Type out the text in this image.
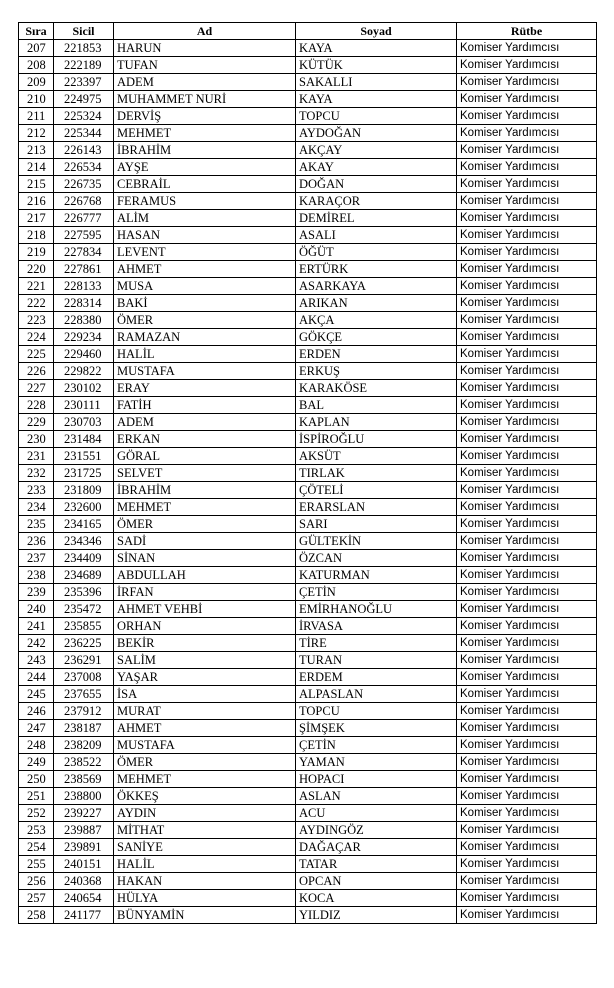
Sıra	Sicil	Ad	Soyad	Rütbe
207	221853	HARUN	KAYA	Komiser Yardımcısı
208	222189	TUFAN	KÜTÜK	Komiser Yardımcısı
209	223397	ADEM	SAKALLI	Komiser Yardımcısı
210	224975	MUHAMMET NURİ	KAYA	Komiser Yardımcısı
211	225324	DERVİŞ	TOPCU	Komiser Yardımcısı
212	225344	MEHMET	AYDOĞAN	Komiser Yardımcısı
213	226143	İBRAHİM	AKÇAY	Komiser Yardımcısı
214	226534	AYŞE	AKAY	Komiser Yardımcısı
215	226735	CEBRAİL	DOĞAN	Komiser Yardımcısı
216	226768	FERAMUS	KARAÇOR	Komiser Yardımcısı
217	226777	ALİM	DEMİREL	Komiser Yardımcısı
218	227595	HASAN	ASALI	Komiser Yardımcısı
219	227834	LEVENT	ÖĞÜT	Komiser Yardımcısı
220	227861	AHMET	ERTÜRK	Komiser Yardımcısı
221	228133	MUSA	ASARKAYA	Komiser Yardımcısı
222	228314	BAKİ	ARIKAN	Komiser Yardımcısı
223	228380	ÖMER	AKÇA	Komiser Yardımcısı
224	229234	RAMAZAN	GÖKÇE	Komiser Yardımcısı
225	229460	HALİL	ERDEN	Komiser Yardımcısı
226	229822	MUSTAFA	ERKUŞ	Komiser Yardımcısı
227	230102	ERAY	KARAKÖSE	Komiser Yardımcısı
228	230111	FATİH	BAL	Komiser Yardımcısı
229	230703	ADEM	KAPLAN	Komiser Yardımcısı
230	231484	ERKAN	İSPİROĞLU	Komiser Yardımcısı
231	231551	GÖRAL	AKSÜT	Komiser Yardımcısı
232	231725	SELVET	TIRLAK	Komiser Yardımcısı
233	231809	İBRAHİM	ÇÖTELİ	Komiser Yardımcısı
234	232600	MEHMET	ERARSLAN	Komiser Yardımcısı
235	234165	ÖMER	SARI	Komiser Yardımcısı
236	234346	SADİ	GÜLTEKİN	Komiser Yardımcısı
237	234409	SİNAN	ÖZCAN	Komiser Yardımcısı
238	234689	ABDULLAH	KATURMAN	Komiser Yardımcısı
239	235396	İRFAN	ÇETİN	Komiser Yardımcısı
240	235472	AHMET VEHBİ	EMİRHANOĞLU	Komiser Yardımcısı
241	235855	ORHAN	İRVASA	Komiser Yardımcısı
242	236225	BEKİR	TİRE	Komiser Yardımcısı
243	236291	SALİM	TURAN	Komiser Yardımcısı
244	237008	YAŞAR	ERDEM	Komiser Yardımcısı
245	237655	İSA	ALPASLAN	Komiser Yardımcısı
246	237912	MURAT	TOPCU	Komiser Yardımcısı
247	238187	AHMET	ŞİMŞEK	Komiser Yardımcısı
248	238209	MUSTAFA	ÇETİN	Komiser Yardımcısı
249	238522	ÖMER	YAMAN	Komiser Yardımcısı
250	238569	MEHMET	HOPACI	Komiser Yardımcısı
251	238800	ÖKKEŞ	ASLAN	Komiser Yardımcısı
252	239227	AYDIN	ACU	Komiser Yardımcısı
253	239887	MİTHAT	AYDINGÖZ	Komiser Yardımcısı
254	239891	SANİYE	DAĞAÇAR	Komiser Yardımcısı
255	240151	HALİL	TATAR	Komiser Yardımcısı
256	240368	HAKAN	OPCAN	Komiser Yardımcısı
257	240654	HÜLYA	KOCA	Komiser Yardımcısı
258	241177	BÜNYAMİN	YILDIZ	Komiser Yardımcısı
